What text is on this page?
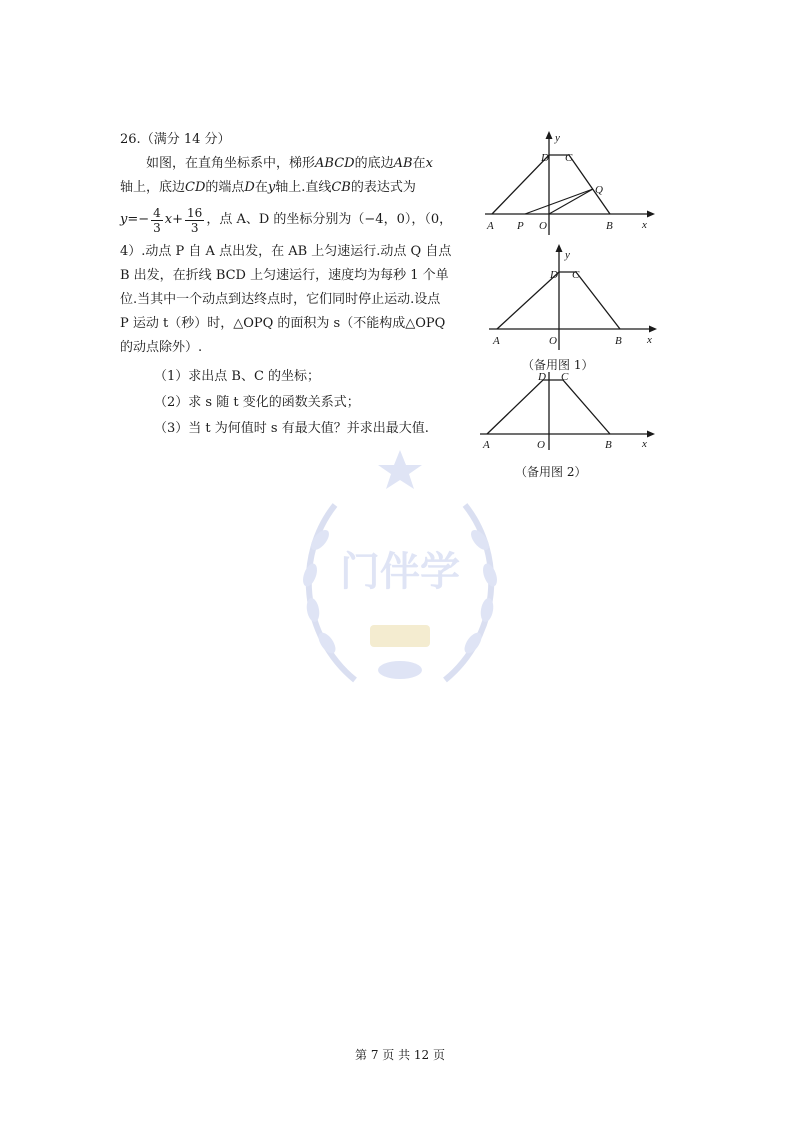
门伴学

26.（满分 14 分）

如图，在直角坐标系中，梯形ABCD的底边AB在x

轴上，底边CD的端点D在y轴上.直线CB的表达式为

$y =- \frac{4}{3}$ $x + \frac{16}{3}$ ，点 A、D 的坐标分别为（−4，0），（0，

4）.动点 P 自 A 点出发，在 AB 上匀速运行.动点 Q 自点

B 出发，在折线 BCD 上匀速运行，速度均为每秒 1 个单

位.当其中一个动点到达终点时，它们同时停止运动.设点

P 运动 t（秒）时，△OPQ 的面积为 s（不能构成△OPQ

的动点除外）.

（1）求出点 B、C 的坐标；

（2）求 s 随 t 变化的函数关系式；

（3）当 t 为何值时 s 有最大值？并求出最大值.

y
D C
Q
A P O	B	x
y
D C
A	O	B x
（备用图 1）
D C
A	O	B	x
（备用图 2）
第 7 页 共 12 页
